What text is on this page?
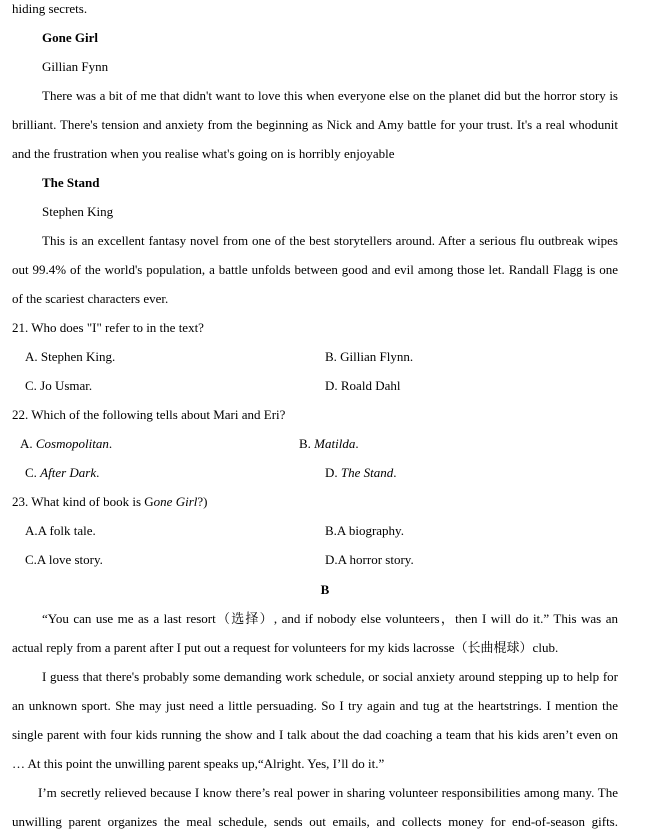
hiding secrets.
Gone Girl
Gillian Fynn
There was a bit of me that didn't want to love this when everyone else on the planet did but the horror story is
brilliant. There's tension and anxiety from the beginning as Nick and Amy battle for your trust. It's a real whodunit
and the frustration when you realise what's going on is horribly enjoyable
The Stand
Stephen King
This is an excellent fantasy novel from one of the best storytellers around. After a serious flu outbreak wipes
out 99.4% of the world's population, a battle unfolds between good and evil among those let. Randall Flagg is one
of the scariest characters ever.
21. Who does "I" refer to in the text?
A. Stephen King.	B. Gillian Flynn.
C. Jo Usmar.	D. Roald Dahl
22. Which of the following tells about Mari and Eri?
A. Cosmopolitan.	B. Matilda.
C. After Dark.	D. The Stand.
23. What kind of book is Gone Girl?)
A.A folk tale.	B.A biography.
C.A love story.	D.A horror story.
B
“You can use me as a last resort（选择）, and if nobody else volunteers，then I will do it.” This was an
actual reply from a parent after I put out a request for volunteers for my kids lacrosse（长曲棍球）club.
I guess that there's probably some demanding work schedule, or social anxiety around stepping up to help for
an unknown sport. She may just need a little persuading. So I try again and tug at the heartstrings. I mention the
single parent with four kids running the show and I talk about the dad coaching a team that his kids aren’t even on
… At this point the unwilling parent speaks up,“Alright. Yes, I’ll do it.”
I’m secretly relieved because I know there’s real power in sharing volunteer responsibilities among many. The
unwilling parent organizes the meal schedule, sends out emails, and collects money for end-of-season gifts.
